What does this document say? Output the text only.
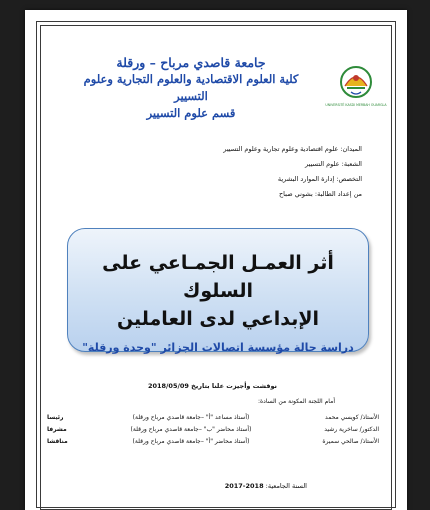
جامعة قاصدي مرباح – ورقلة
كلية العلوم الاقتصادية والعلوم التجارية وعلوم التسيير
قسم علوم التسيير
UNIVERSITÉ KASDI MERBAH OUARGLA
الميدان: علوم اقتصادية وعلوم تجارية وعلوم التسيير
الشعبة: علوم التسيير
التخصص: إدارة الموارد البشرية
من إعداد الطالبة: بشوني صباح
أثر العمـل الجمـاعي على السلوك
الإبداعي لدى العاملين
دراسة حالة مؤسسة اتصالات الجزائر "وحدة ورقلة"
نوقشت وأجيزت علنا بتاريخ 2018/05/09
أمام اللجنة المكونة من السادة:
الأستاذ/ كويسي محمد
(أستاذ مساعد "أ" –جامعة قاصدي مرباح ورقلة)
رئيسا
الدكتور/ ساخرية رشيد
(أستاذ محاضر "ب" –جامعة قاصدي مرباح ورقلة)
مشرفا
الأستاذ/ صالحي سميرة
(أستاذ محاضر "أ" –جامعة قاصدي مرباح ورقلة)
مناقشا
السنة الجامعية: 2018-2017
